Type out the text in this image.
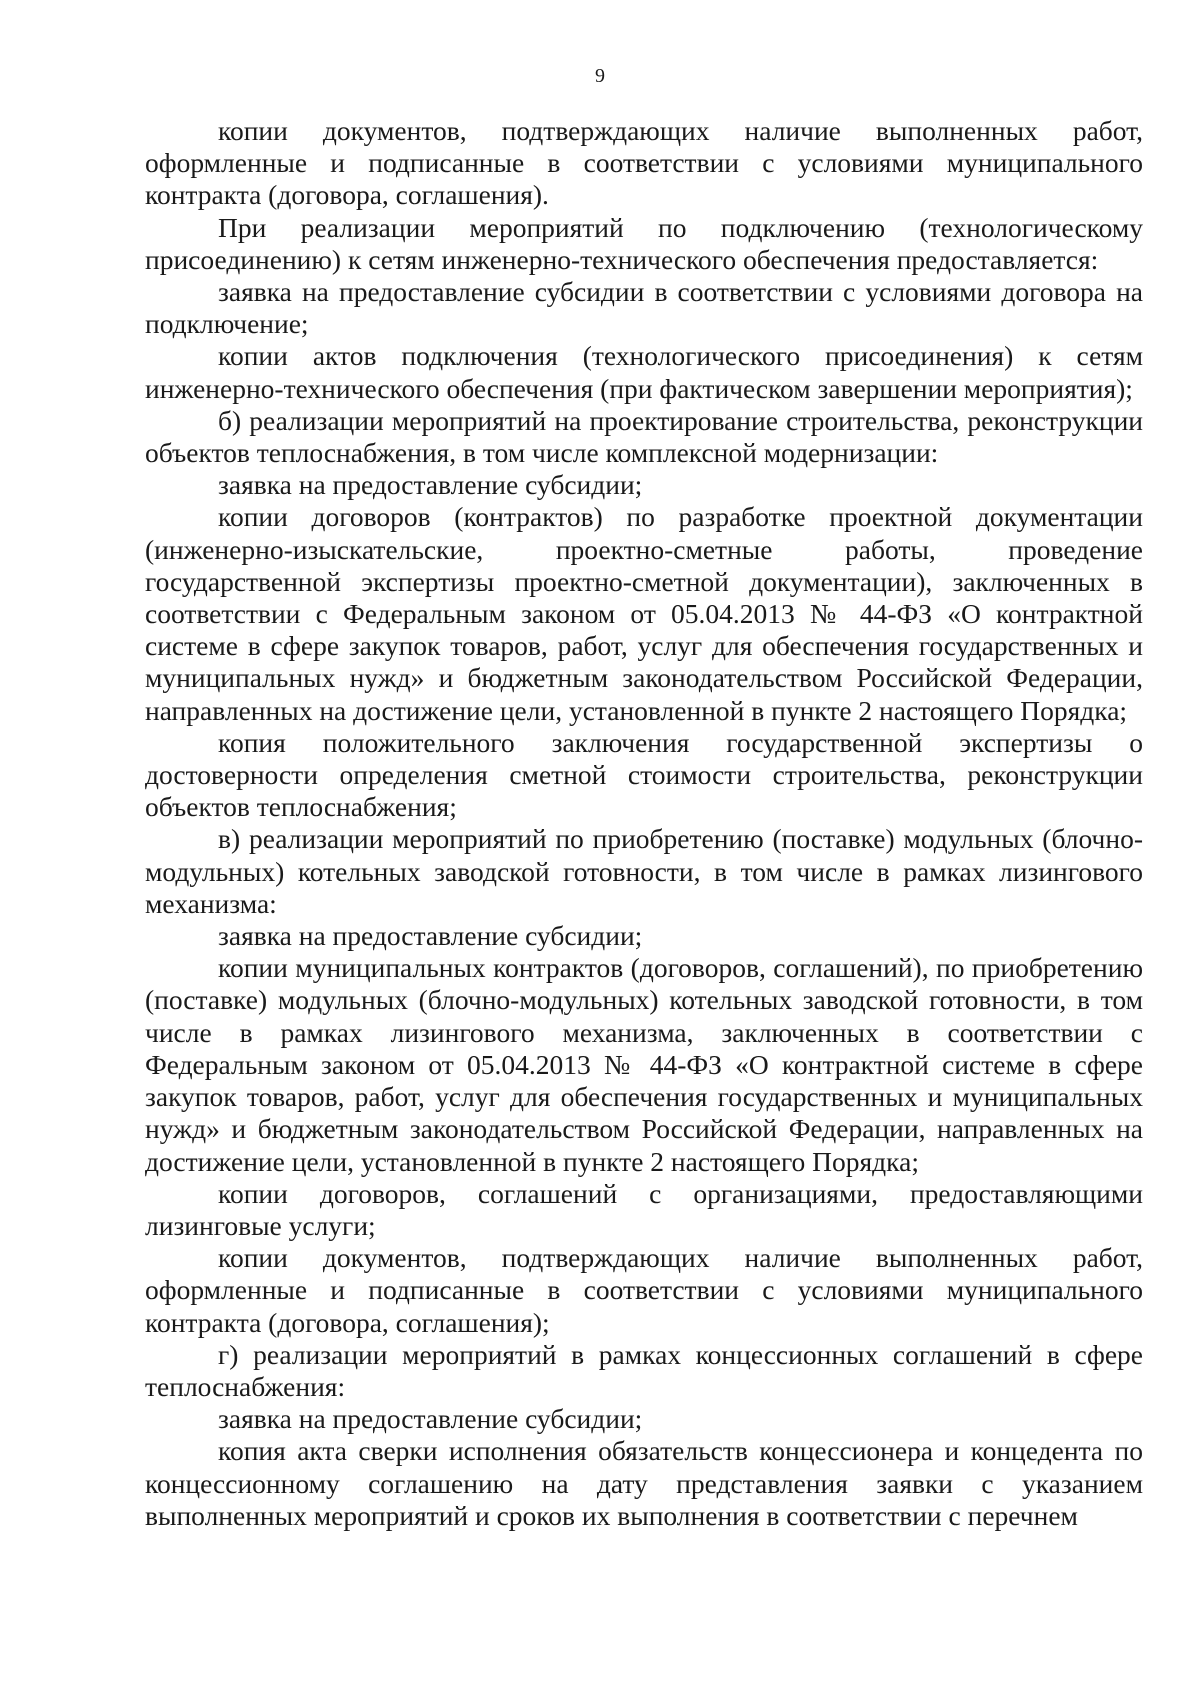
9

копии документов, подтверждающих наличие выполненных работ, оформленные и подписанные в соответствии с условиями муниципального контракта (договора, соглашения).

При реализации мероприятий по подключению (технологическому присоединению) к сетям инженерно-технического обеспечения предоставляется:

заявка на предоставление субсидии в соответствии с условиями договора на подключение;

копии актов подключения (технологического присоединения) к сетям инженерно-технического обеспечения (при фактическом завершении мероприятия);

б) реализации мероприятий на проектирование строительства, реконструкции объектов теплоснабжения, в том числе комплексной модернизации:

заявка на предоставление субсидии;

копии договоров (контрактов) по разработке проектной документации (инженерно-изыскательские, проектно-сметные работы, проведение государственной экспертизы проектно-сметной документации), заключенных в соответствии с Федеральным законом от 05.04.2013 № 44-ФЗ «О контрактной системе в сфере закупок товаров, работ, услуг для обеспечения государственных и муниципальных нужд» и бюджетным законодательством Российской Федерации, направленных на достижение цели, установленной в пункте 2 настоящего Порядка;

копия положительного заключения государственной экспертизы о достоверности определения сметной стоимости строительства, реконструкции объектов теплоснабжения;

в) реализации мероприятий по приобретению (поставке) модульных (блочно-модульных) котельных заводской готовности, в том числе в рамках лизингового механизма:

заявка на предоставление субсидии;

копии муниципальных контрактов (договоров, соглашений), по приобретению (поставке) модульных (блочно-модульных) котельных заводской готовности, в том числе в рамках лизингового механизма, заключенных в соответствии с Федеральным законом от 05.04.2013 № 44-ФЗ «О контрактной системе в сфере закупок товаров, работ, услуг для обеспечения государственных и муниципальных нужд» и бюджетным законодательством Российской Федерации, направленных на достижение цели, установленной в пункте 2 настоящего Порядка;

копии договоров, соглашений с организациями, предоставляющими лизинговые услуги;

копии документов, подтверждающих наличие выполненных работ, оформленные и подписанные в соответствии с условиями муниципального контракта (договора, соглашения);

г) реализации мероприятий в рамках концессионных соглашений в сфере теплоснабжения:

заявка на предоставление субсидии;

копия акта сверки исполнения обязательств концессионера и концедента по концессионному соглашению на дату представления заявки с указанием выполненных мероприятий и сроков их выполнения в соответствии с перечнем
